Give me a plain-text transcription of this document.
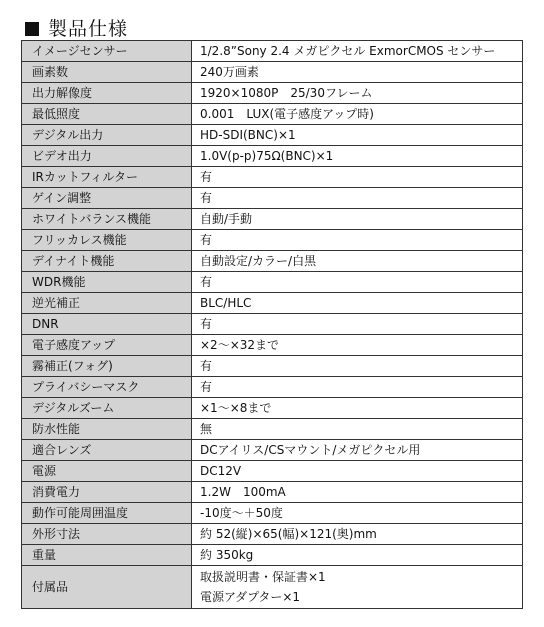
製品仕様
イメージセンサー	1/2.8”Sony 2.4 メガピクセル ExmorCMOS センサー
画素数	240万画素
出力解像度	1920×1080P　25/30フレーム
最低照度	0.001　LUX(電子感度アップ時)
デジタル出力	HD-SDI(BNC)×1
ビデオ出力	1.0V(p-p)75Ω(BNC)×1
IRカットフィルター	有
ゲイン調整	有
ホワイトバランス機能	自動/手動
フリッカレス機能	有
デイナイト機能	自動設定/カラー/白黒
WDR機能	有
逆光補正	BLC/HLC
DNR	有
電子感度アップ	×2～×32まで
霧補正(フォグ)	有
プライバシーマスク	有
デジタルズーム	×1～×8まで
防水性能	無
適合レンズ	DCアイリス/CSマウント/メガピクセル用
電源	DC12V
消費電力	1.2W　100mA
動作可能周囲温度	-10度～＋50度
外形寸法	約 52(縦)×65(幅)×121(奥)mm
重量	約 350kg
付属品	取扱説明書・保証書×1
電源アダプター×1
